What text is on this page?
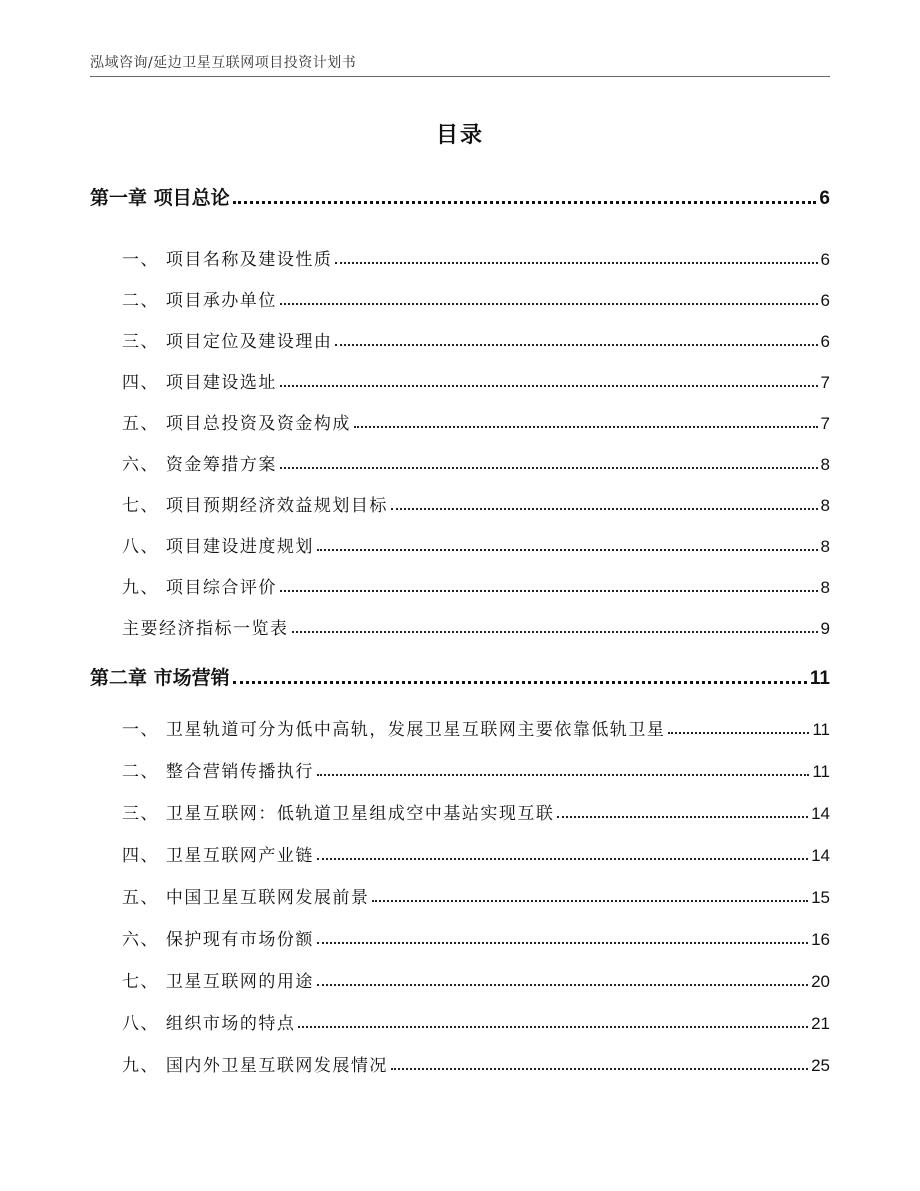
泓域咨询/延边卫星互联网项目投资计划书
目录
第一章 项目总论	6
一、 项目名称及建设性质	6
二、 项目承办单位	6
三、 项目定位及建设理由	6
四、 项目建设选址	7
五、 项目总投资及资金构成	7
六、 资金筹措方案	8
七、 项目预期经济效益规划目标	8
八、 项目建设进度规划	8
九、 项目综合评价	8
主要经济指标一览表	9
第二章 市场营销	11
一、 卫星轨道可分为低中高轨，发展卫星互联网主要依靠低轨卫星	11
二、 整合营销传播执行	11
三、 卫星互联网：低轨道卫星组成空中基站实现互联	14
四、 卫星互联网产业链	14
五、 中国卫星互联网发展前景	15
六、 保护现有市场份额	16
七、 卫星互联网的用途	20
八、 组织市场的特点	21
九、 国内外卫星互联网发展情况	25
